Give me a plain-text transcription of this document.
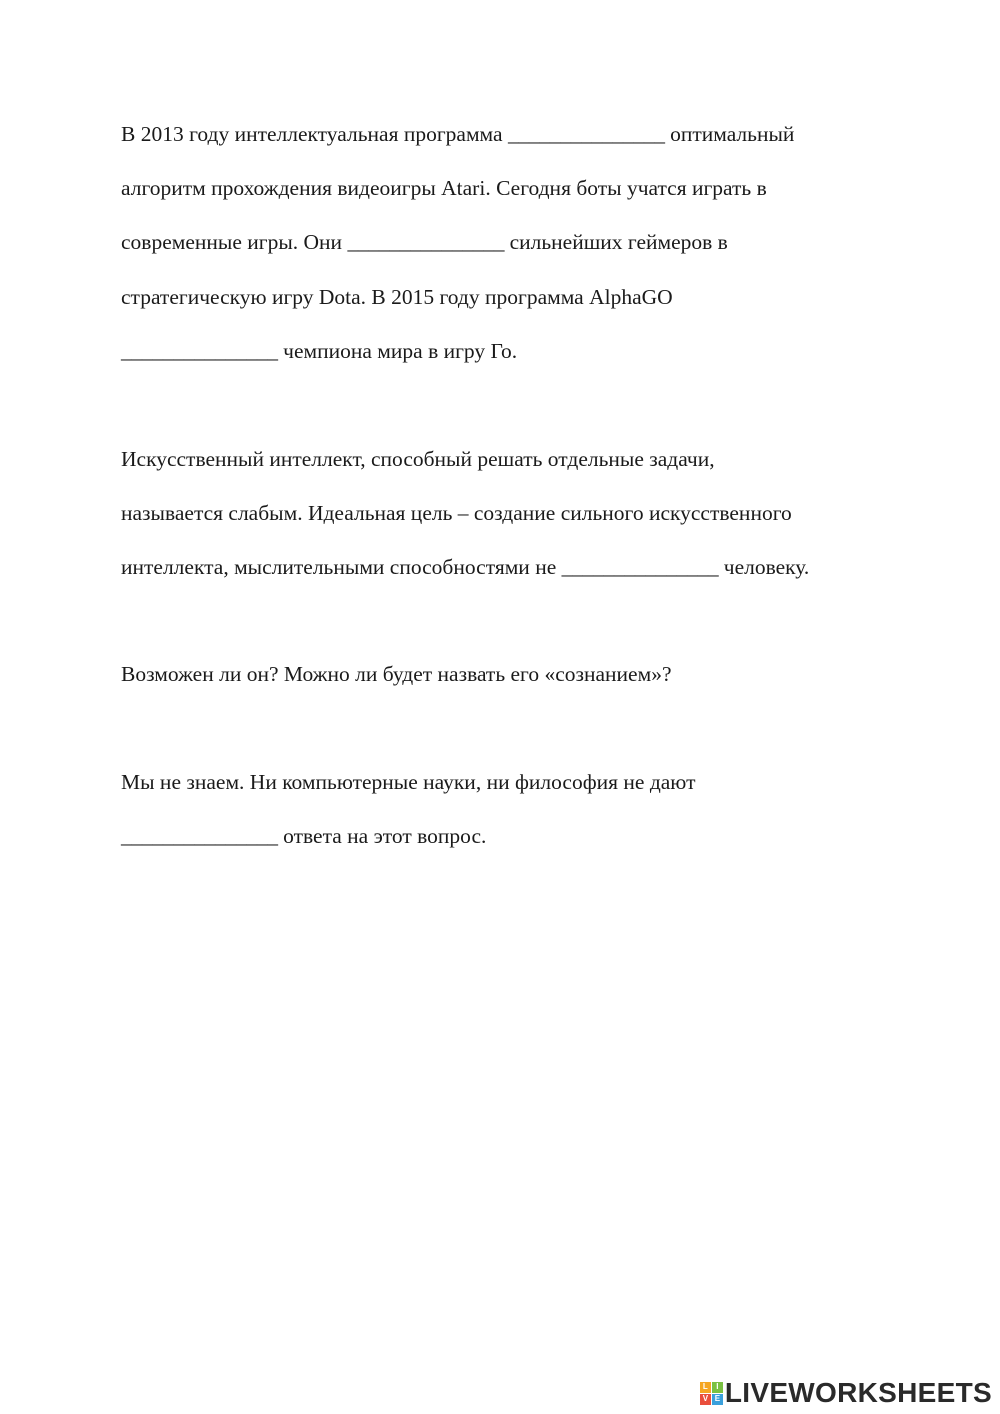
В 2013 году интеллектуальная программа _______________ оптимальный

алгоритм прохождения видеоигры Atari. Сегодня боты учатся играть в

современные игры. Они _______________ сильнейших геймеров в

стратегическую игру Dota. В 2015 году программа AlphaGO

_______________ чемпиона мира в игру Го.

Искусственный интеллект, способный решать отдельные задачи,

называется слабым. Идеальная цель – создание сильного искусственного

интеллекта, мыслительными способностями не _______________ человеку.

Возможен ли он? Можно ли будет назвать его «сознанием»?

Мы не знаем. Ни компьютерные науки, ни философия не дают

_______________ ответа на этот вопрос.

L	I
V E LIVEWORKSHEETS
